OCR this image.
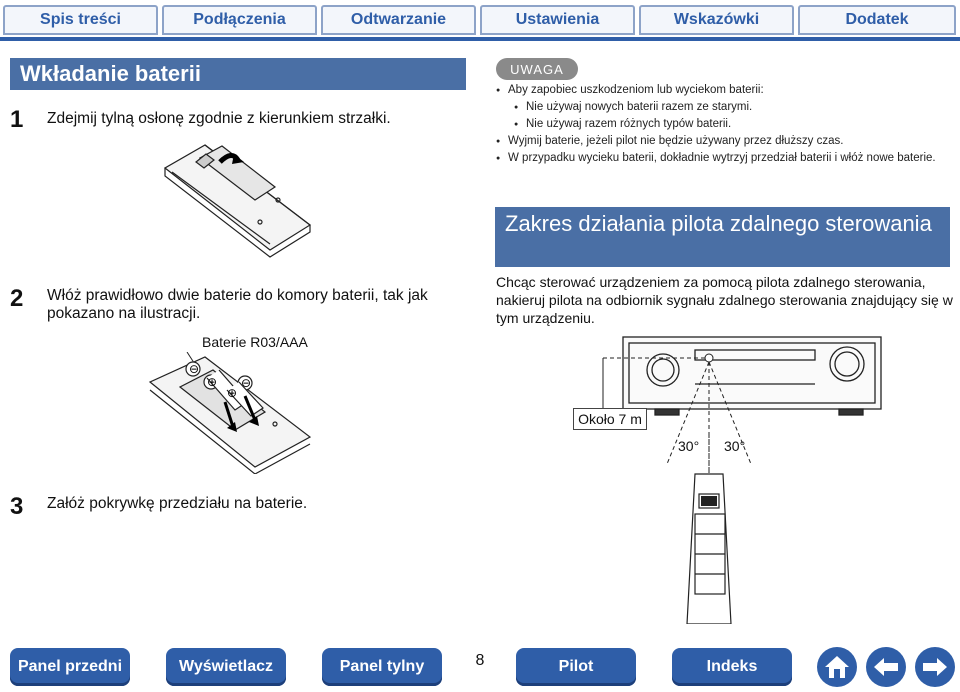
Spis treści	Podłączenia	Odtwarzanie	Ustawienia	Wskazówki	Dodatek
Wkładanie baterii
1 Zdejmij tylną osłonę zgodnie z kierunkiem strzałki.
2 Włóż prawidłowo dwie baterie do komory baterii, tak jak pokazano na ilustracji.
Baterie R03/AAA
⊖
⊕
⊕
⊖
3 Załóż pokrywkę przedziału na baterie.
UWAGA
● Aby zapobiec uszkodzeniom lub wyciekom baterii:
● Nie używaj nowych baterii razem ze starymi.
● Nie używaj razem różnych typów baterii.
● Wyjmij baterie, jeżeli pilot nie będzie używany przez dłuższy czas.
● W przypadku wycieku baterii, dokładnie wytrzyj przedział baterii i włóż nowe baterie.
Zakres działania pilota zdalnego sterowania
Chcąc sterować urządzeniem za pomocą pilota zdalnego sterowania, nakieruj pilota na odbiornik sygnału zdalnego sterowania znajdujący się w tym urządzeniu.
Około 7 m
30° 30°
Panel przedni	Wyświetlacz	Panel tylny	8	Pilot	Indeks
